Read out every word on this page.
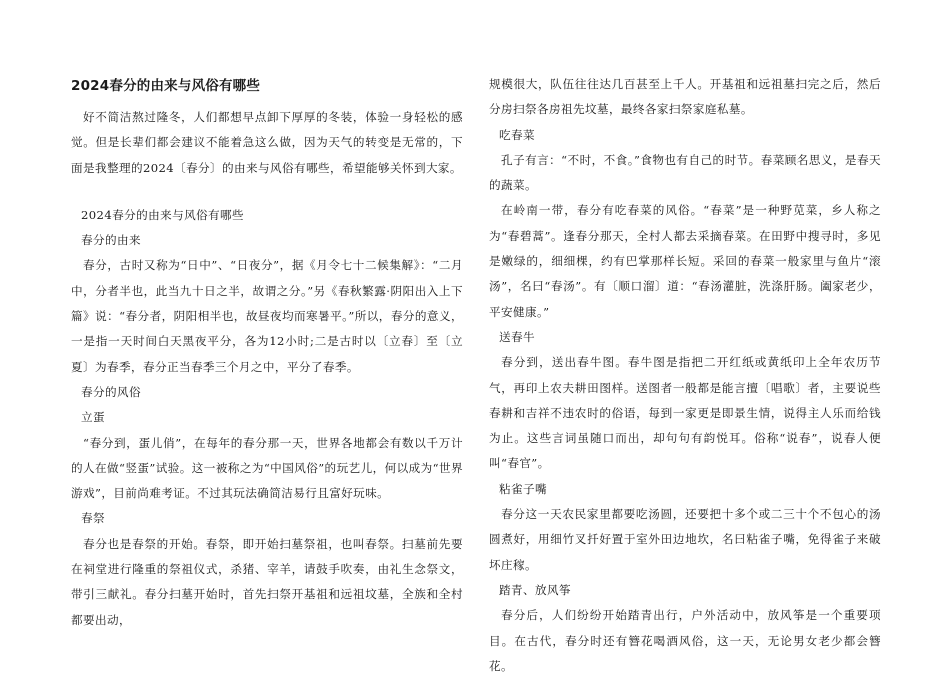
2024春分的由来与风俗有哪些

好不简洁熬过隆冬，人们都想早点卸下厚厚的冬装，体验一身轻松的感觉。但是长辈们都会建议不能着急这么做，因为天气的转变是无常的，下面是我整理的2024〔春分〕的由来与风俗有哪些，希望能够关怀到大家。

2024春分的由来与风俗有哪些

春分的由来

春分，古时又称为“日中”、“日夜分”，据《月令七十二候集解》：“二月中，分者半也，此当九十日之半，故谓之分。”另《春秋繁露·阴阳出入上下篇》说：“春分者，阴阳相半也，故昼夜均而寒暑平。”所以，春分的意义，一是指一天时间白天黑夜平分，各为12小时;二是古时以〔立春〕至〔立夏〕为春季，春分正当春季三个月之中，平分了春季。

春分的风俗

立蛋

“春分到，蛋儿俏”，在每年的春分那一天，世界各地都会有数以千万计的人在做“竖蛋”试验。这一被称之为“中国风俗”的玩艺儿，何以成为“世界游戏”，目前尚难考证。不过其玩法确简洁易行且富好玩味。

春祭

春分也是春祭的开始。春祭，即开始扫墓祭祖，也叫春祭。扫墓前先要在祠堂进行隆重的祭祖仪式，杀猪、宰羊，请鼓手吹奏，由礼生念祭文，带引三献礼。春分扫墓开始时，首先扫祭开基祖和远祖坟墓，全族和全村都要出动，

规模很大，队伍往往达几百甚至上千人。开基祖和远祖墓扫完之后，然后分房扫祭各房祖先坟墓，最终各家扫祭家庭私墓。

吃春菜

孔子有言：“不时，不食。”食物也有自己的时节。春菜顾名思义，是春天的蔬菜。

在岭南一带，春分有吃春菜的风俗。“春菜”是一种野苋菜，乡人称之为“春碧蒿”。逢春分那天，全村人都去采摘春菜。在田野中搜寻时，多见是嫩绿的，细细棵，约有巴掌那样长短。采回的春菜一般家里与鱼片“滚汤”，名曰“春汤”。有〔顺口溜〕道：“春汤灌脏，洗涤肝肠。阖家老少，平安健康。”

送春牛

春分到，送出春牛图。春牛图是指把二开红纸或黄纸印上全年农历节气，再印上农夫耕田图样。送图者一般都是能言擅〔唱歌〕者，主要说些春耕和吉祥不违农时的俗语，每到一家更是即景生情，说得主人乐而给钱为止。这些言词虽随口而出，却句句有韵悦耳。俗称“说春”，说春人便叫“春官”。

粘雀子嘴

春分这一天农民家里都要吃汤圆，还要把十多个或二三十个不包心的汤圆煮好，用细竹叉扦好置于室外田边地坎，名曰粘雀子嘴，免得雀子来破坏庄稼。

踏青、放风筝

春分后，人们纷纷开始踏青出行，户外活动中，放风筝是一个重要项目。在古代，春分时还有簪花喝酒风俗，这一天，无论男女老少都会簪花。
